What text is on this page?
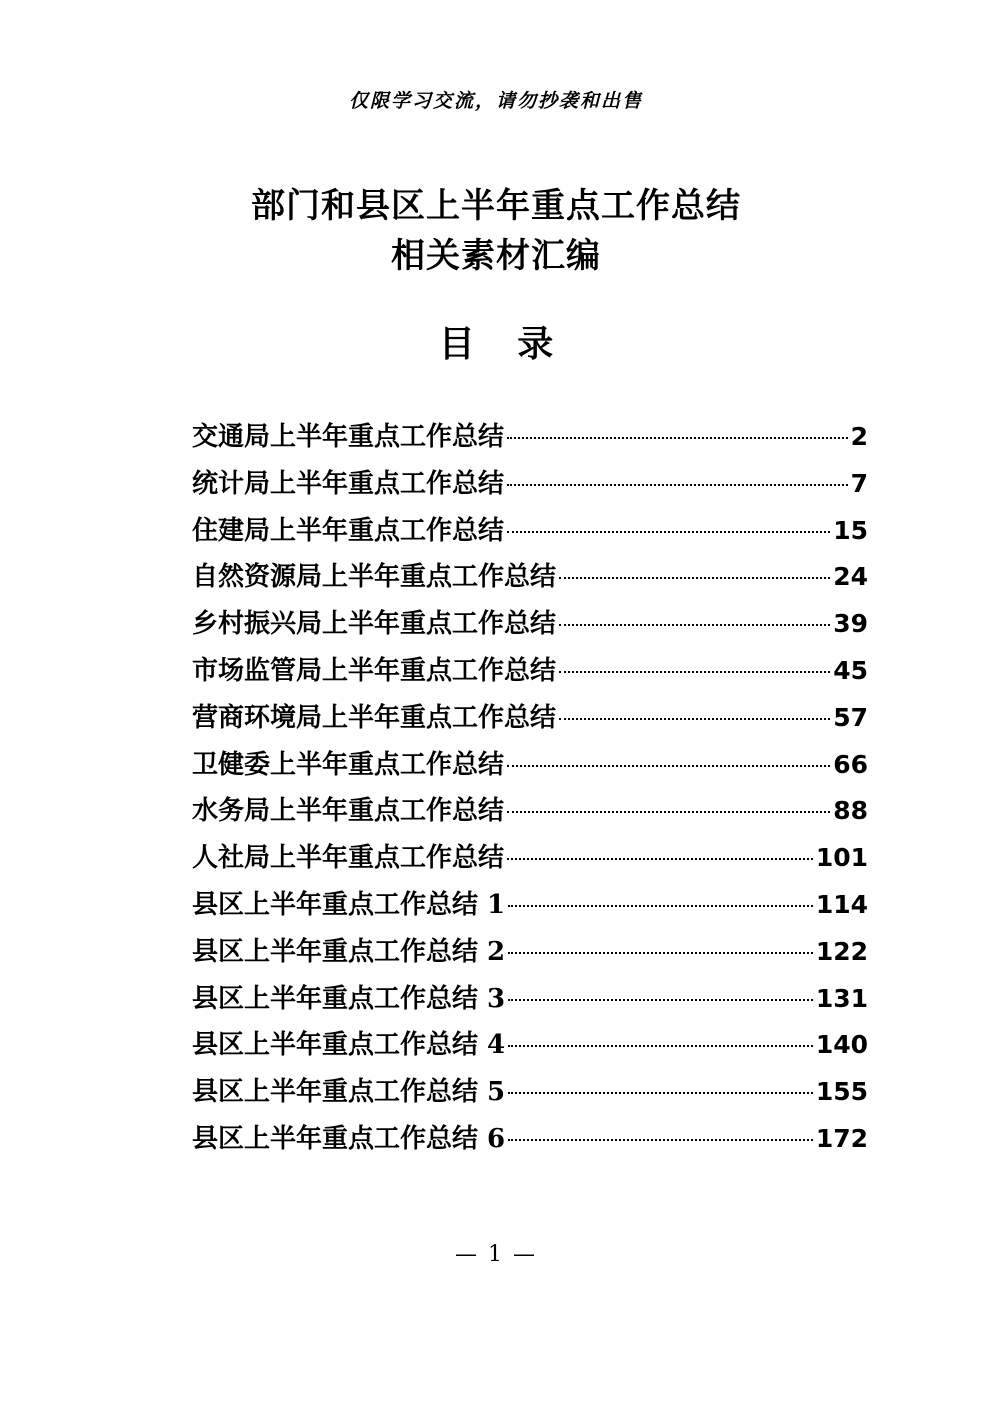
仅限学习交流，请勿抄袭和出售
部门和县区上半年重点工作总结
相关素材汇编
目 录
交通局上半年重点工作总结	2
统计局上半年重点工作总结	7
住建局上半年重点工作总结	15
自然资源局上半年重点工作总结	24
乡村振兴局上半年重点工作总结	39
市场监管局上半年重点工作总结	45
营商环境局上半年重点工作总结	57
卫健委上半年重点工作总结	66
水务局上半年重点工作总结	88
人社局上半年重点工作总结	101
县区上半年重点工作总结 1	114
县区上半年重点工作总结 2	122
县区上半年重点工作总结 3	131
县区上半年重点工作总结 4	140
县区上半年重点工作总结 5	155
县区上半年重点工作总结 6	172
— 1 —
